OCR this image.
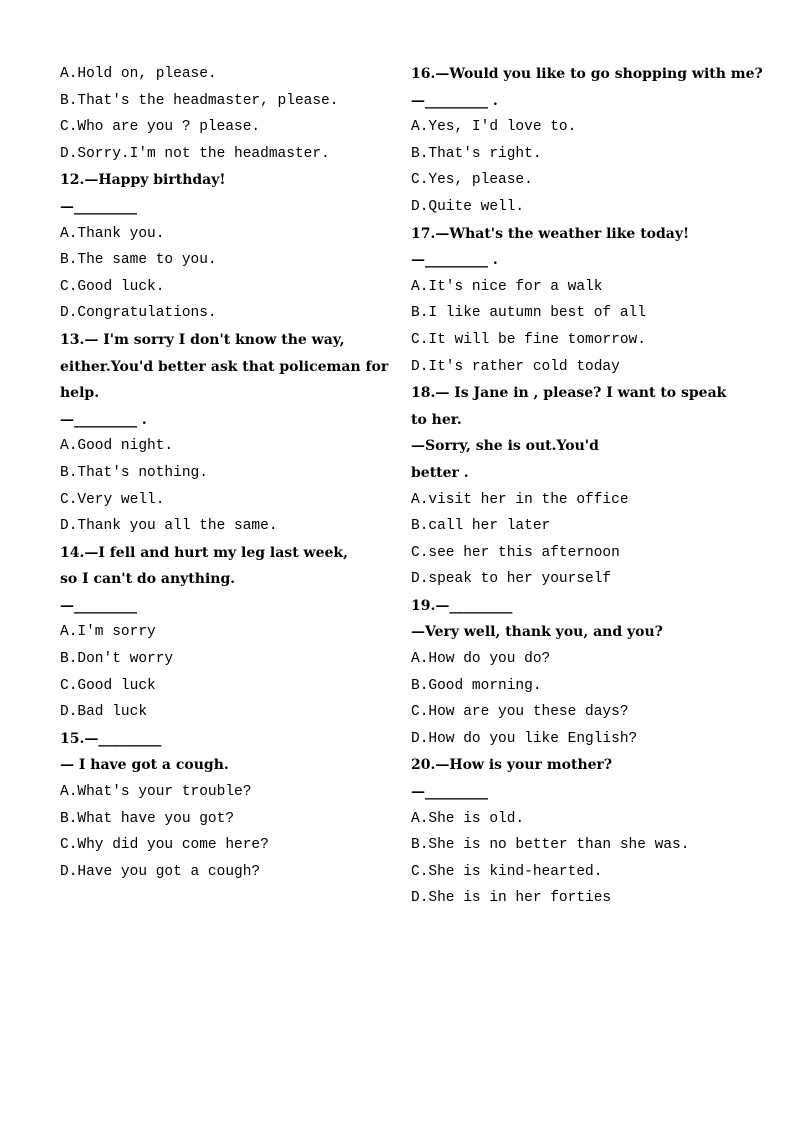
A.Hold on, please.
B.That's the headmaster, please.
C.Who are you ? please.
D.Sorry.I'm not the headmaster.
12.—Happy birthday!
—_________
A.Thank you.
B.The same to you.
C.Good luck.
D.Congratulations.
13.— I'm sorry I don't know the way,
either.You'd better ask that policeman for
help.
—_________ .
A.Good night.
B.That's nothing.
C.Very well.
D.Thank you all the same.
14.—I fell and hurt my leg last week,
so I can't do anything.
—_________
A.I'm sorry
B.Don't worry
C.Good luck
D.Bad luck
15.—_________
— I have got a cough.
A.What's your trouble?
B.What have you got?
C.Why did you come here?
D.Have you got a cough?
16.—Would you like to go shopping with me?
—_________ .
A.Yes, I'd love to.
B.That's right.
C.Yes, please.
D.Quite well.
17.—What's the weather like today!
—_________ .
A.It's nice for a walk
B.I like autumn best of all
C.It will be fine tomorrow.
D.It's rather cold today
18.— Is Jane in , please? I want to speak
to her.
—Sorry, she is out.You'd
better .
A.visit her in the office
B.call her later
C.see her this afternoon
D.speak to her yourself
19.—_________
—Very well, thank you, and you?
A.How do you do?
B.Good morning.
C.How are you these days?
D.How do you like English?
20.—How is your mother?
—_________
A.She is old.
B.She is no better than she was.
C.She is kind-hearted.
D.She is in her forties
